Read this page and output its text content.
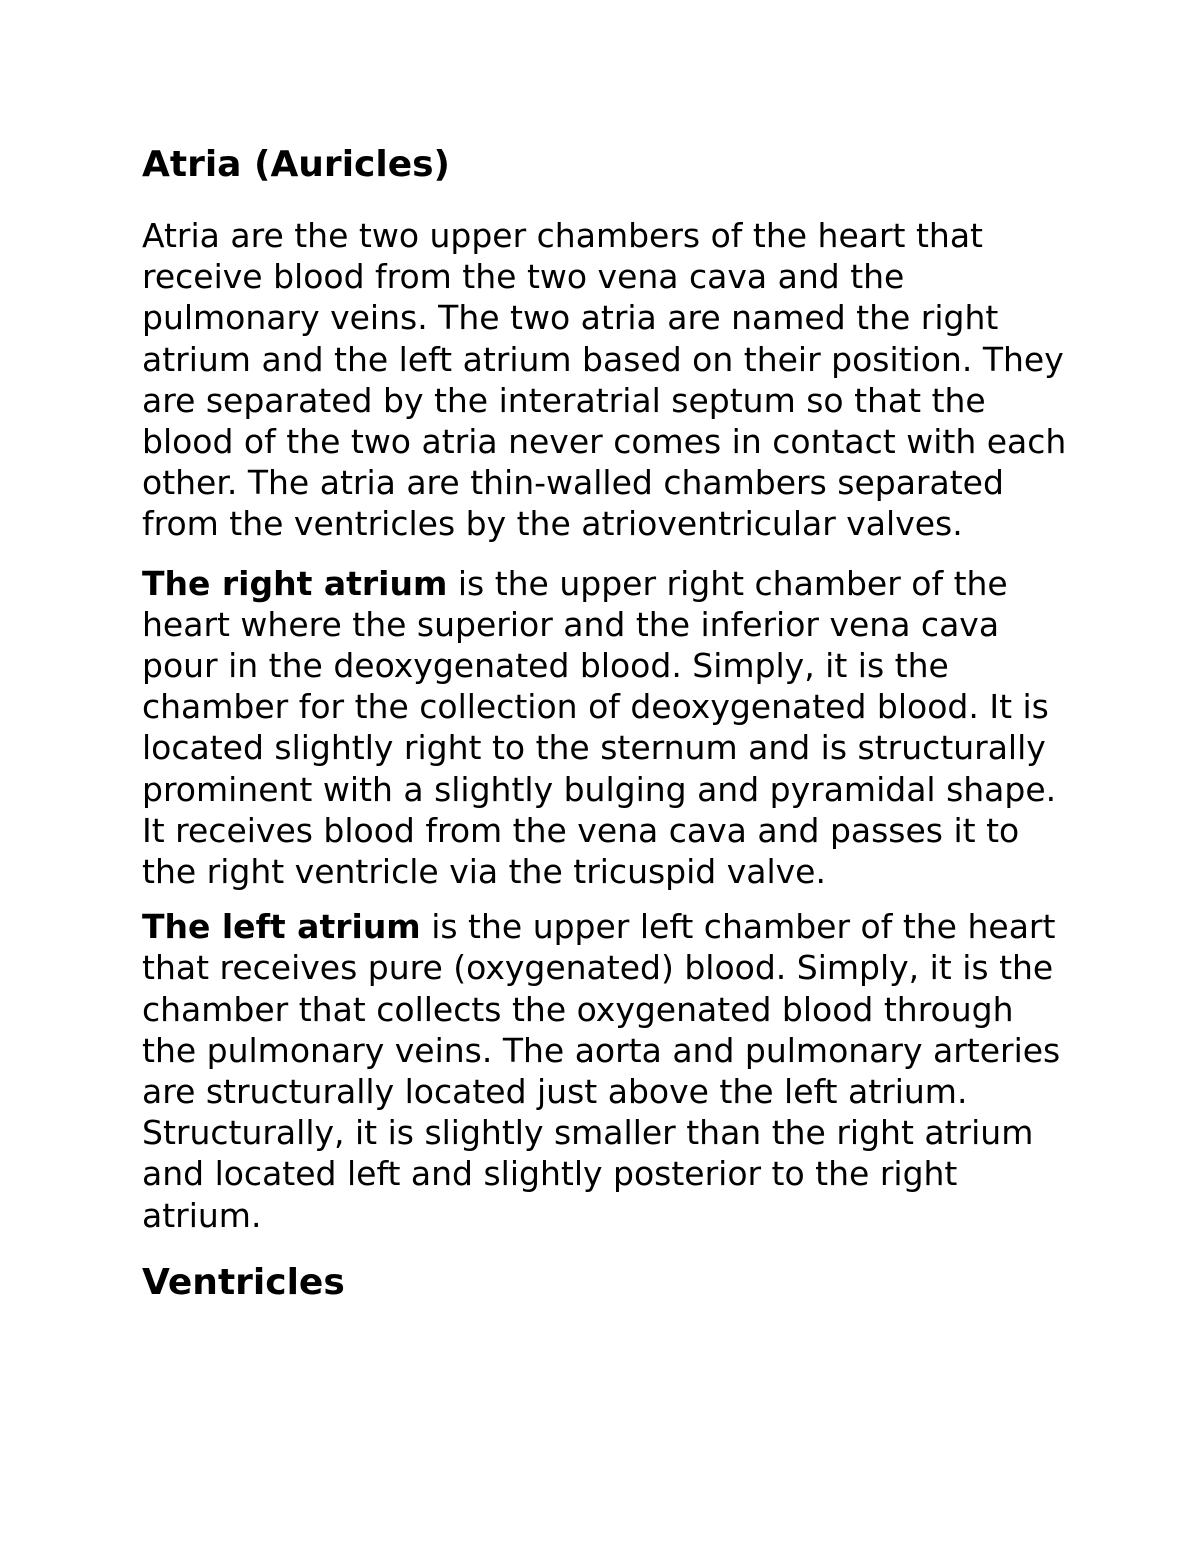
Atria (Auricles)

Atria are the two upper chambers of the heart that receive blood from the two vena cava and the pulmonary veins. The two atria are named the right atrium and the left atrium based on their position. They are separated by the interatrial septum so that the blood of the two atria never comes in contact with each other. The atria are thin-walled chambers separated from the ventricles by the atrioventricular valves.

The right atrium is the upper right chamber of the heart where the superior and the inferior vena cava pour in the deoxygenated blood. Simply, it is the chamber for the collection of deoxygenated blood. It is located slightly right to the sternum and is structurally prominent with a slightly bulging and pyramidal shape. It receives blood from the vena cava and passes it to the right ventricle via the tricuspid valve.

The left atrium is the upper left chamber of the heart that receives pure (oxygenated) blood. Simply, it is the chamber that collects the oxygenated blood through the pulmonary veins. The aorta and pulmonary arteries are structurally located just above the left atrium. Structurally, it is slightly smaller than the right atrium and located left and slightly posterior to the right atrium.

Ventricles
